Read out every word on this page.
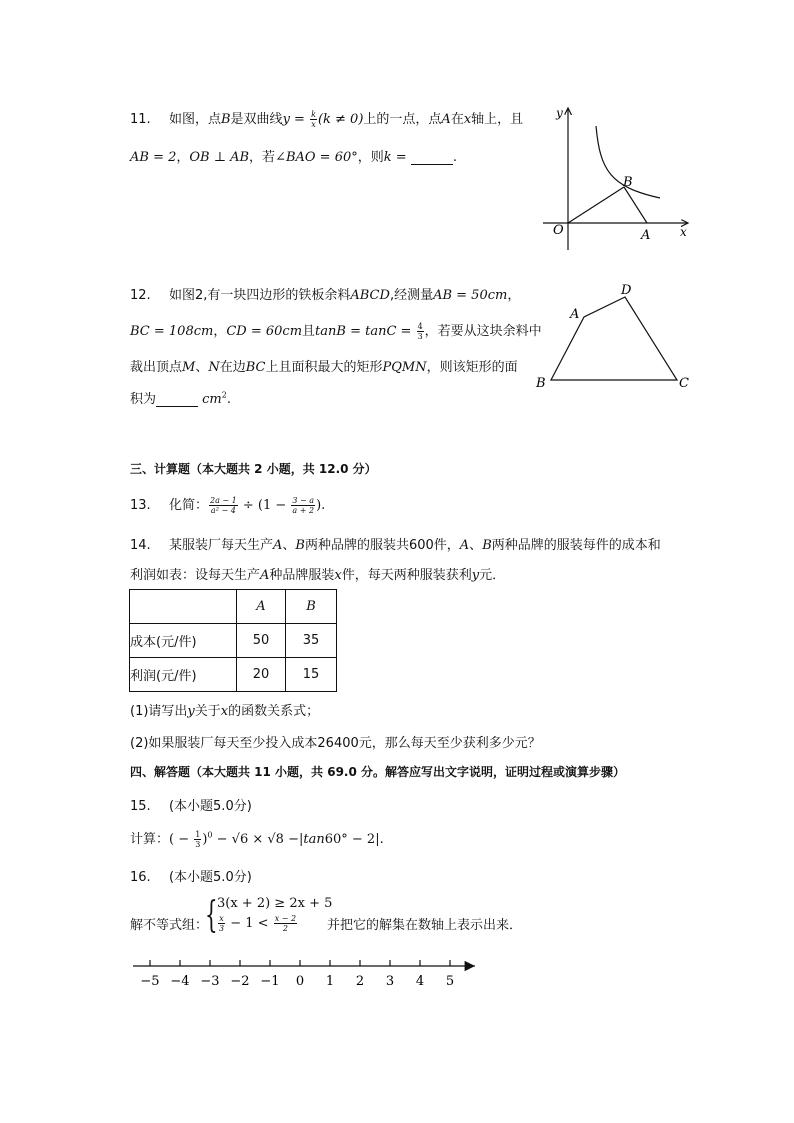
11. 如图，点B是双曲线$y = \frac{k}{x} (k \ne 0)$上的一点，点A在x轴上，且
AB = 2，OB ⊥ AB，若∠BAO = 60°，则k =	.
y
x
O	A
B
12. 如图2,有一块四边形的铁板余料ABCD,经测量AB = 50cm，
BC = 108cm，CD = 60cm且$\tan B = \tan C = \frac{4}{3}$ ，若要从这块余料中
裁出顶点M、N在边BC上且面积最大的矩形PQMN，则该矩形的面
积为	$cm^2$.
A
B	C
D
三、计算题（本大题共 2 小题，共 12.0 分）
13. 化简： $\frac{2a - 1}{\text{a² − 4}} \div (1 - \frac{3 - a}{a + 2}$ ).
14. 某服装厂每天生产A、B两种品牌的服装共600件，A、B两种品牌的服装每件的成本和
利润如表：设每天生产A种品牌服装x件，每天两种服装获利y元．
	A	B
成本(元/件)	50	35
利润(元/件)	20	15
(1)请写出y关于x的函数关系式；
(2)如果服装厂每天至少投入成本26400元，那么每天至少获利多少元？
四、解答题（本大题共 11 小题，共 69.0 分。解答应写出文字说明，证明过程或演算步骤）
15. (本小题5.0分)
计算：( − $\frac{1}{3} )^0 - √6 \times √8 -|\tan 60^\circ - 2|$.
16. (本小题5.0分)
解不等式组：
{ 3(x + 2) ≥ 2x + 5
$\frac{x}{3} - 1 < \frac{x - 2}{2}$ 并把它的解集在数轴上表示出来．
−5 −4 −3 −2 −1 0 1 2 3 4 5
